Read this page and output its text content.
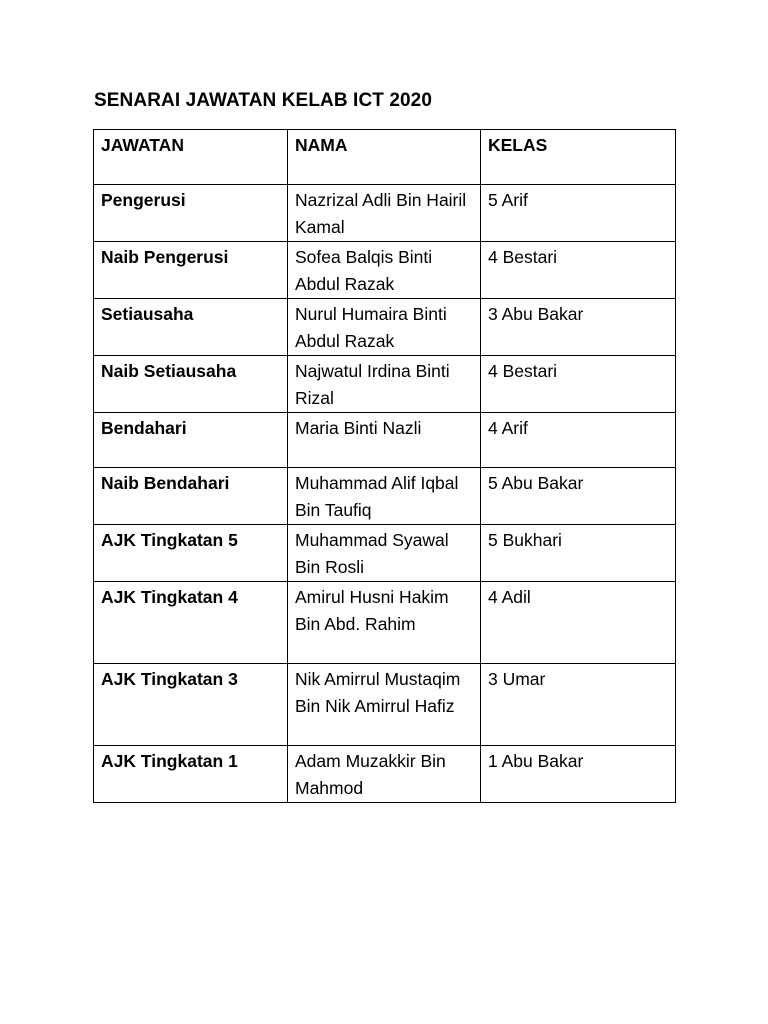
SENARAI JAWATAN KELAB ICT 2020
JAWATAN	NAMA	KELAS
Pengerusi	Nazrizal Adli Bin Hairil Kamal	5 Arif
Naib Pengerusi	Sofea Balqis Binti Abdul Razak	4 Bestari
Setiausaha	Nurul Humaira Binti Abdul Razak	3 Abu Bakar
Naib Setiausaha	Najwatul Irdina Binti Rizal	4 Bestari
Bendahari	Maria Binti Nazli	4 Arif
Naib Bendahari	Muhammad Alif Iqbal Bin Taufiq	5 Abu Bakar
AJK Tingkatan 5	Muhammad Syawal Bin Rosli	5 Bukhari
AJK Tingkatan 4	Amirul Husni Hakim Bin Abd. Rahim	4 Adil
AJK Tingkatan 3	Nik Amirrul Mustaqim Bin Nik Amirrul Hafiz	3 Umar
AJK Tingkatan 1	Adam Muzakkir Bin Mahmod	1 Abu Bakar
